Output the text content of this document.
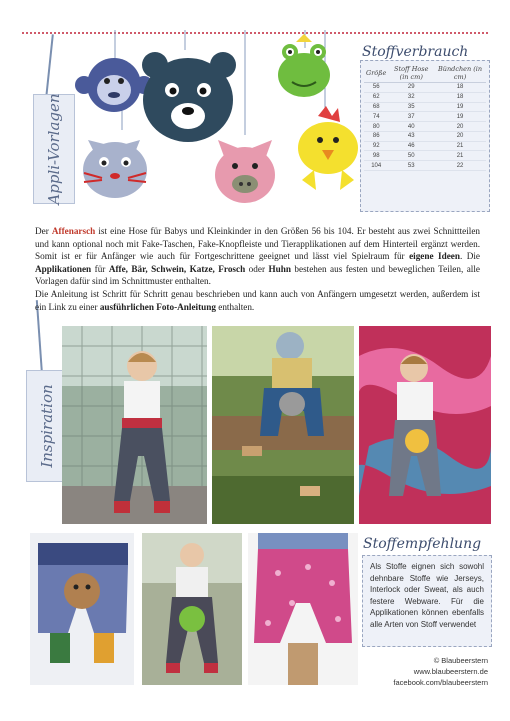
Appli-Vorlagen
Inspiration
Stoffverbrauch
Größe	Stoff Hose (in cm)	Bündchen (in cm)
56	29	18
62	32	18
68	35	19
74	37	19
80	40	20
86	43	20
92	46	21
98	50	21
104	53	22
Der Affenarsch ist eine Hose für Babys und Kleinkinder in den Größen 56 bis 104. Er besteht aus zwei Schnittteilen und kann optional noch mit Fake-Taschen, Fake-Knopfleiste und Tierapplikationen auf dem Hinterteil ergänzt werden. Somit ist er für Anfänger wie auch für Fortgeschrittene geeignet und lässt viel Spielraum für eigene Ideen. Die Applikationen für Affe, Bär, Schwein, Katze, Frosch oder Huhn bestehen aus festen und beweglichen Teilen, alle Vorlagen dafür sind im Schnittmuster enthalten.
Die Anleitung ist Schritt für Schritt genau beschrieben und kann auch von Anfängern umgesetzt werden, außerdem ist ein Link zu einer ausführlichen Foto-Anleitung enthalten.
Stoffempfehlung
Als Stoffe eignen sich sowohl dehnbare Stoffe wie Jerseys, Interlock oder Sweat, als auch festere Webware. Für die Applikationen können ebenfalls alle Arten von Stoff verwendet
© Blaubeerstern
www.blaubeerstern.de
facebook.com/blaubeerstern
